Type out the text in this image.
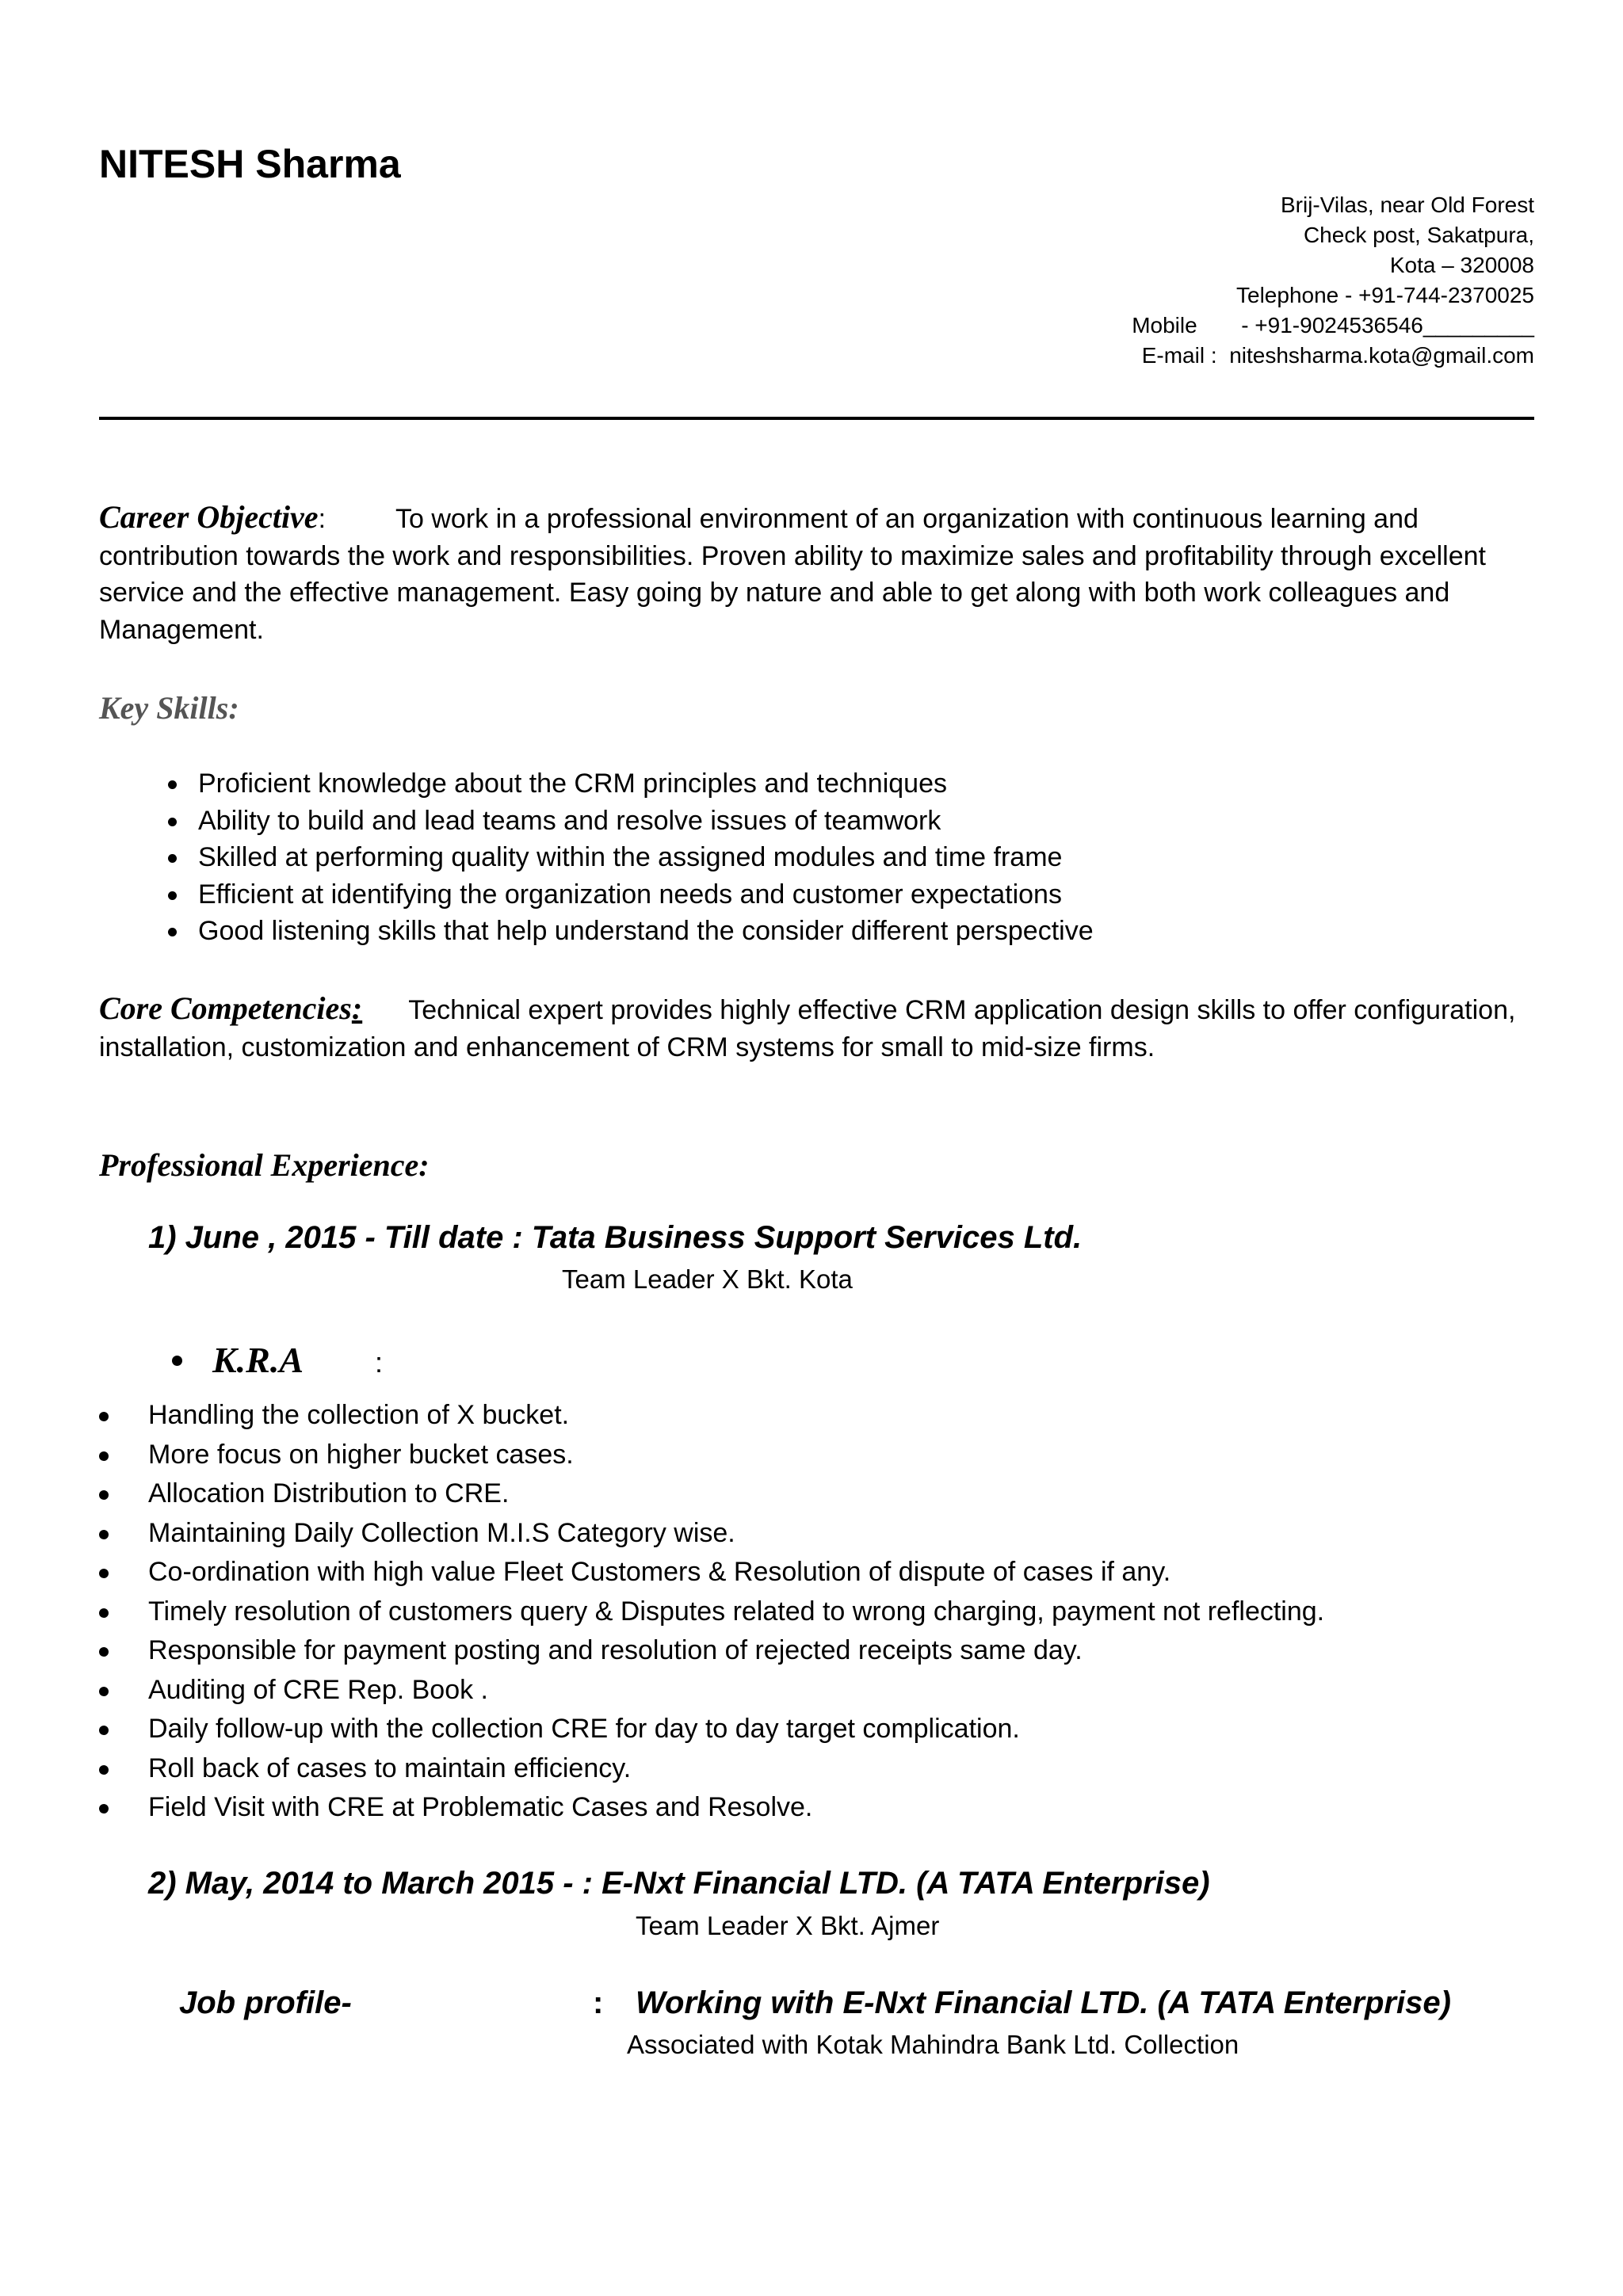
NITESH Sharma
Brij-Vilas, near Old Forest
Check post, Sakatpura,
Kota – 320008
Telephone - +91-744-2370025
Mobile - +91-9024536546_________
E-mail : niteshsharma.kota@gmail.com
Career Objective:	To work in a professional environment of an organization with continuous learning and contribution towards the work and responsibilities. Proven ability to maximize sales and profitability through excellent service and the effective management. Easy going by nature and able to get along with both work colleagues and Management.
Key Skills:
Proficient knowledge about the CRM principles and techniques
Ability to build and lead teams and resolve issues of teamwork
Skilled at performing quality within the assigned modules and time frame
Efficient at identifying the organization needs and customer expectations
Good listening skills that help understand the consider different perspective
Core Competencies: Technical expert provides highly effective CRM application design skills to offer configuration, installation, customization and enhancement of CRM systems for small to mid-size firms.
Professional Experience:
1) June , 2015 - Till date : Tata Business Support Services Ltd.
Team Leader X Bkt. Kota
K.R.A	:
Handling the collection of X bucket.
More focus on higher bucket cases.
Allocation Distribution to CRE.
Maintaining Daily Collection M.I.S Category wise.
Co-ordination with high value Fleet Customers & Resolution of dispute of cases if any.
Timely resolution of customers query & Disputes related to wrong charging, payment not reflecting.
Responsible for payment posting and resolution of rejected receipts same day.
Auditing of CRE Rep. Book .
Daily follow-up with the collection CRE for day to day target complication.
Roll back of cases to maintain efficiency.
Field Visit with CRE at Problematic Cases and Resolve.
2) May, 2014 to March 2015 - : E-Nxt Financial LTD. (A TATA Enterprise)
Team Leader X Bkt. Ajmer
Job profile-	: Working with E-Nxt Financial LTD. (A TATA Enterprise)
Associated with Kotak Mahindra Bank Ltd. Collection
